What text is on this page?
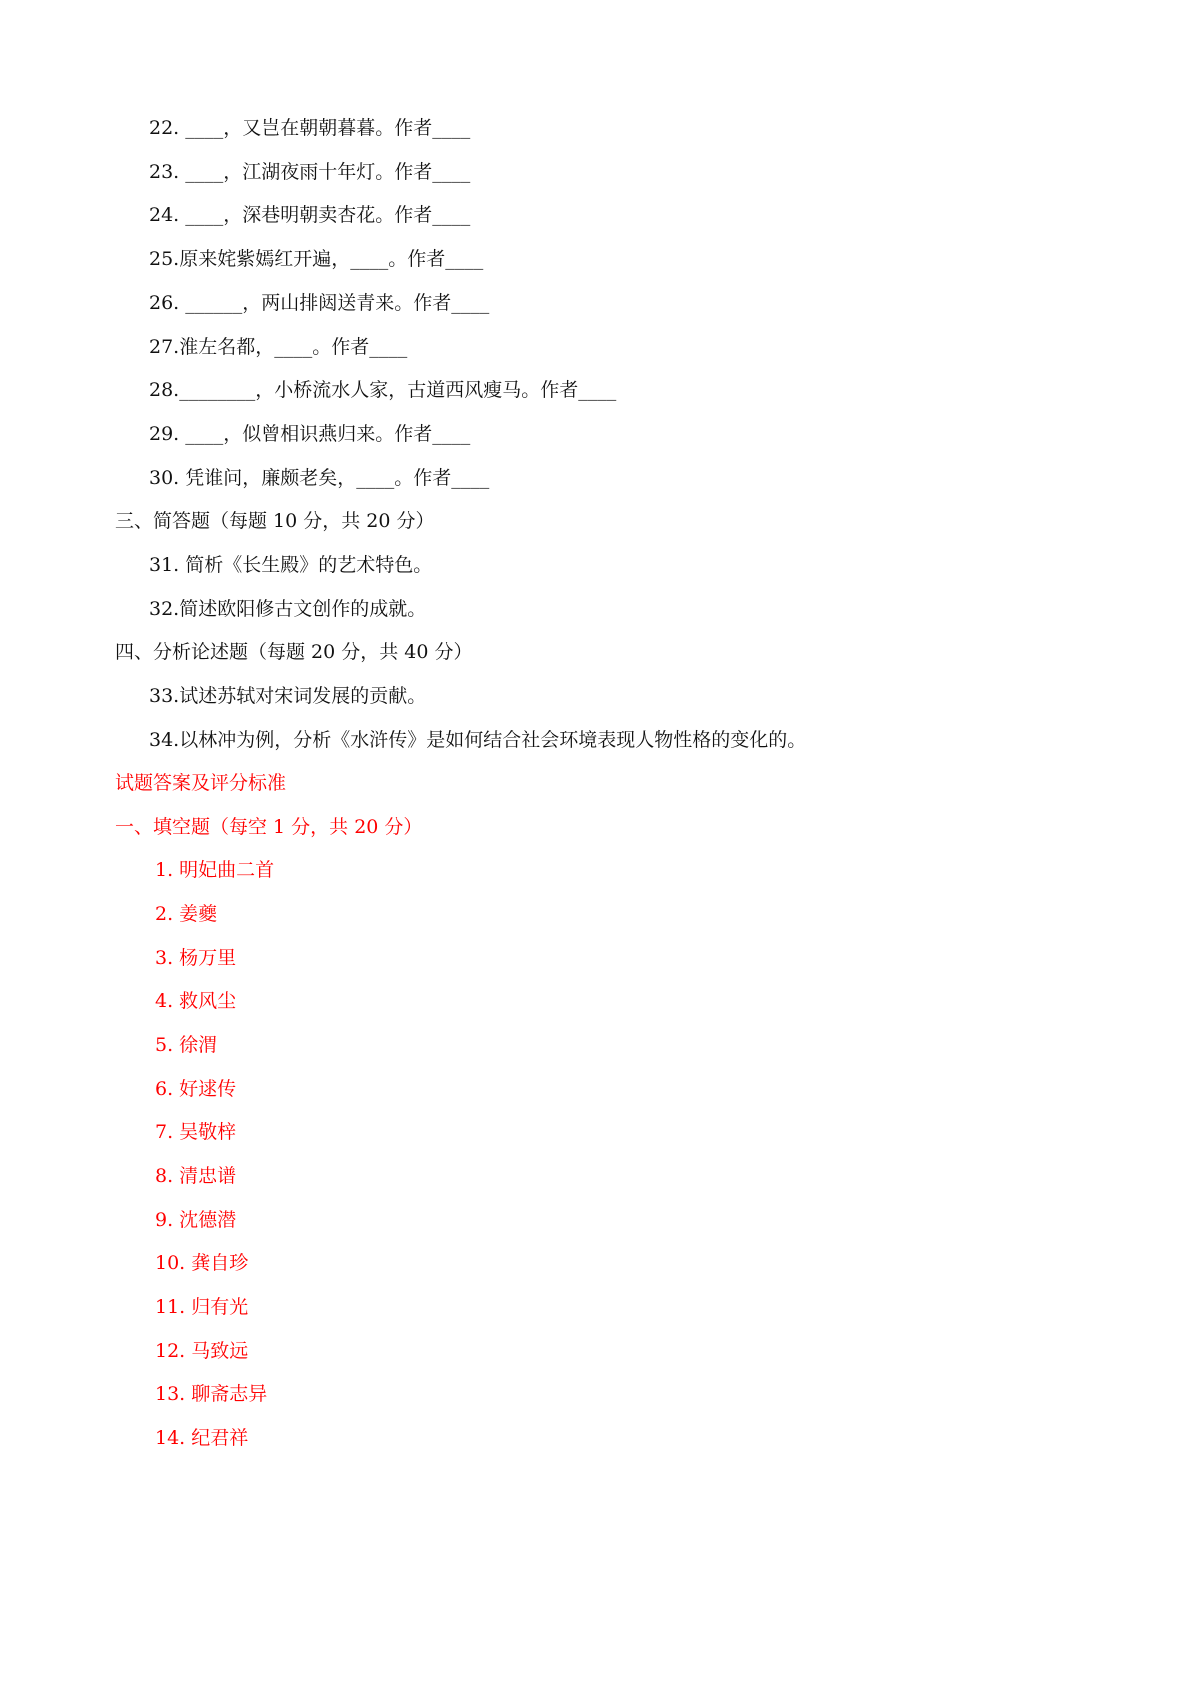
22. ____，又岂在朝朝暮暮。作者____
23. ____，江湖夜雨十年灯。作者____
24. ____，深巷明朝卖杏花。作者____
25.原来姹紫嫣红开遍，____。作者____
26. ______，两山排闼送青来。作者____
27.淮左名都，____。作者____
28.________，小桥流水人家，古道西风瘦马。作者____
29. ____，似曾相识燕归来。作者____
30. 凭谁问，廉颇老矣，____。作者____
三、简答题（每题 10 分，共 20 分）
31. 简析《长生殿》的艺术特色。
32.简述欧阳修古文创作的成就。
四、分析论述题（每题 20 分，共 40 分）
33.试述苏轼对宋词发展的贡献。
34.以林冲为例，分析《水浒传》是如何结合社会环境表现人物性格的变化的。
试题答案及评分标准
一、填空题（每空 1 分，共 20 分）
1. 明妃曲二首
2. 姜夔
3. 杨万里
4. 救风尘
5. 徐渭
6. 好逑传
7. 吴敬梓
8. 清忠谱
9. 沈德潜
10. 龚自珍
11. 归有光
12. 马致远
13. 聊斋志异
14. 纪君祥
